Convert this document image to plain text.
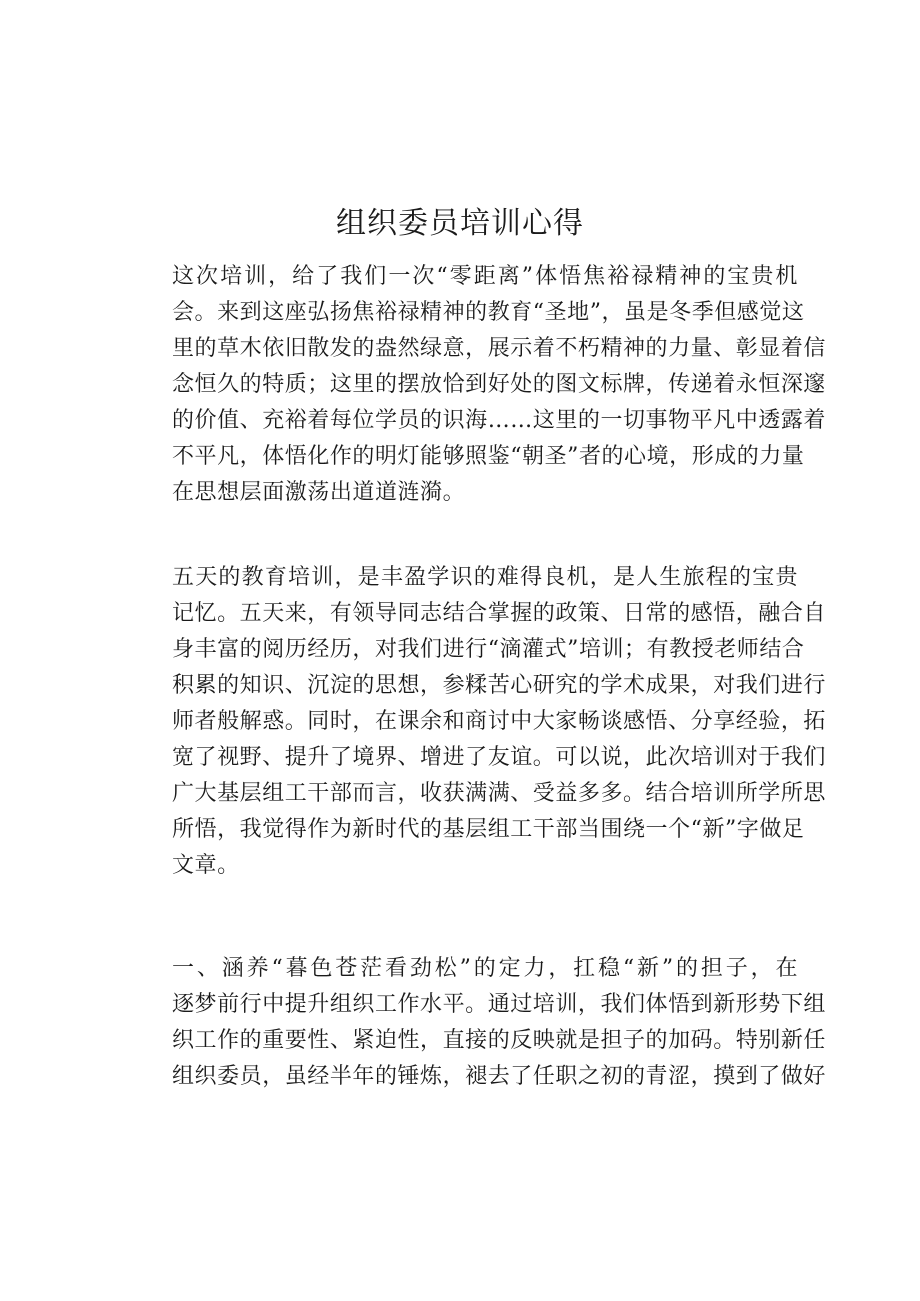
组织委员培训心得

这次培训，给了我们一次“零距离”体悟焦裕禄精神的宝贵机
会。来到这座弘扬焦裕禄精神的教育“圣地”，虽是冬季但感觉这
里的草木依旧散发的盎然绿意，展示着不朽精神的力量、彰显着信
念恒久的特质；这里的摆放恰到好处的图文标牌，传递着永恒深邃
的价值、充裕着每位学员的识海……这里的一切事物平凡中透露着
不平凡，体悟化作的明灯能够照鉴“朝圣”者的心境，形成的力量
在思想层面激荡出道道涟漪。

五天的教育培训，是丰盈学识的难得良机，是人生旅程的宝贵
记忆。五天来，有领导同志结合掌握的政策、日常的感悟，融合自
身丰富的阅历经历，对我们进行“滴灌式”培训；有教授老师结合
积累的知识、沉淀的思想，参糅苦心研究的学术成果，对我们进行
师者般解惑。同时，在课余和商讨中大家畅谈感悟、分享经验，拓
宽了视野、提升了境界、增进了友谊。可以说，此次培训对于我们
广大基层组工干部而言，收获满满、受益多多。结合培训所学所思
所悟，我觉得作为新时代的基层组工干部当围绕一个“新”字做足
文章。

一、涵养“暮色苍茫看劲松”的定力，扛稳“新”的担子，在
逐梦前行中提升组织工作水平。通过培训，我们体悟到新形势下组
织工作的重要性、紧迫性，直接的反映就是担子的加码。特别新任
组织委员，虽经半年的锤炼，褪去了任职之初的青涩，摸到了做好
